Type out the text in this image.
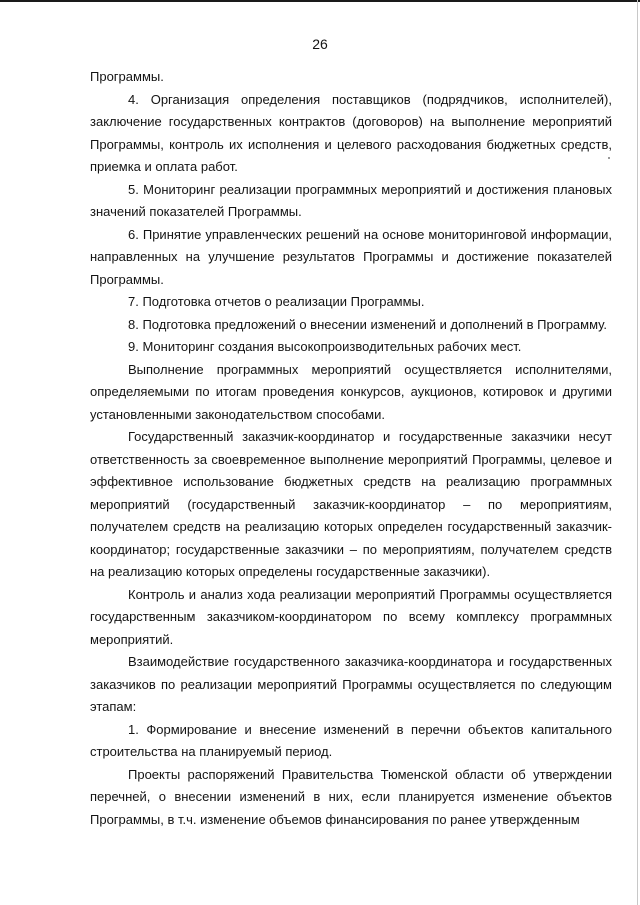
26

Программы.

4. Организация определения поставщиков (подрядчиков, исполнителей), заключение государственных контрактов (договоров) на выполнение мероприятий Программы, контроль их исполнения и целевого расходования бюджетных средств, приемка и оплата работ.

5. Мониторинг реализации программных мероприятий и достижения плановых значений показателей Программы.

6. Принятие управленческих решений на основе мониторинговой информации, направленных на улучшение результатов Программы и достижение показателей Программы.

7. Подготовка отчетов о реализации Программы.

8. Подготовка предложений о внесении изменений и дополнений в Программу.

9. Мониторинг создания высокопроизводительных рабочих мест.

Выполнение программных мероприятий осуществляется исполнителями, определяемыми по итогам проведения конкурсов, аукционов, котировок и другими установленными законодательством способами.

Государственный заказчик-координатор и государственные заказчики несут ответственность за своевременное выполнение мероприятий Программы, целевое и эффективное использование бюджетных средств на реализацию программных мероприятий (государственный заказчик-координатор – по мероприятиям, получателем средств на реализацию которых определен государственный заказчик-координатор; государственные заказчики – по мероприятиям, получателем средств на реализацию которых определены государственные заказчики).

Контроль и анализ хода реализации мероприятий Программы осуществляется государственным заказчиком-координатором по всему комплексу программных мероприятий.

Взаимодействие государственного заказчика-координатора и государственных заказчиков по реализации мероприятий Программы осуществляется по следующим этапам:

1. Формирование и внесение изменений в перечни объектов капитального строительства на планируемый период.

Проекты распоряжений Правительства Тюменской области об утверждении перечней, о внесении изменений в них, если планируется изменение объектов Программы, в т.ч. изменение объемов финансирования по ранее утвержденным
